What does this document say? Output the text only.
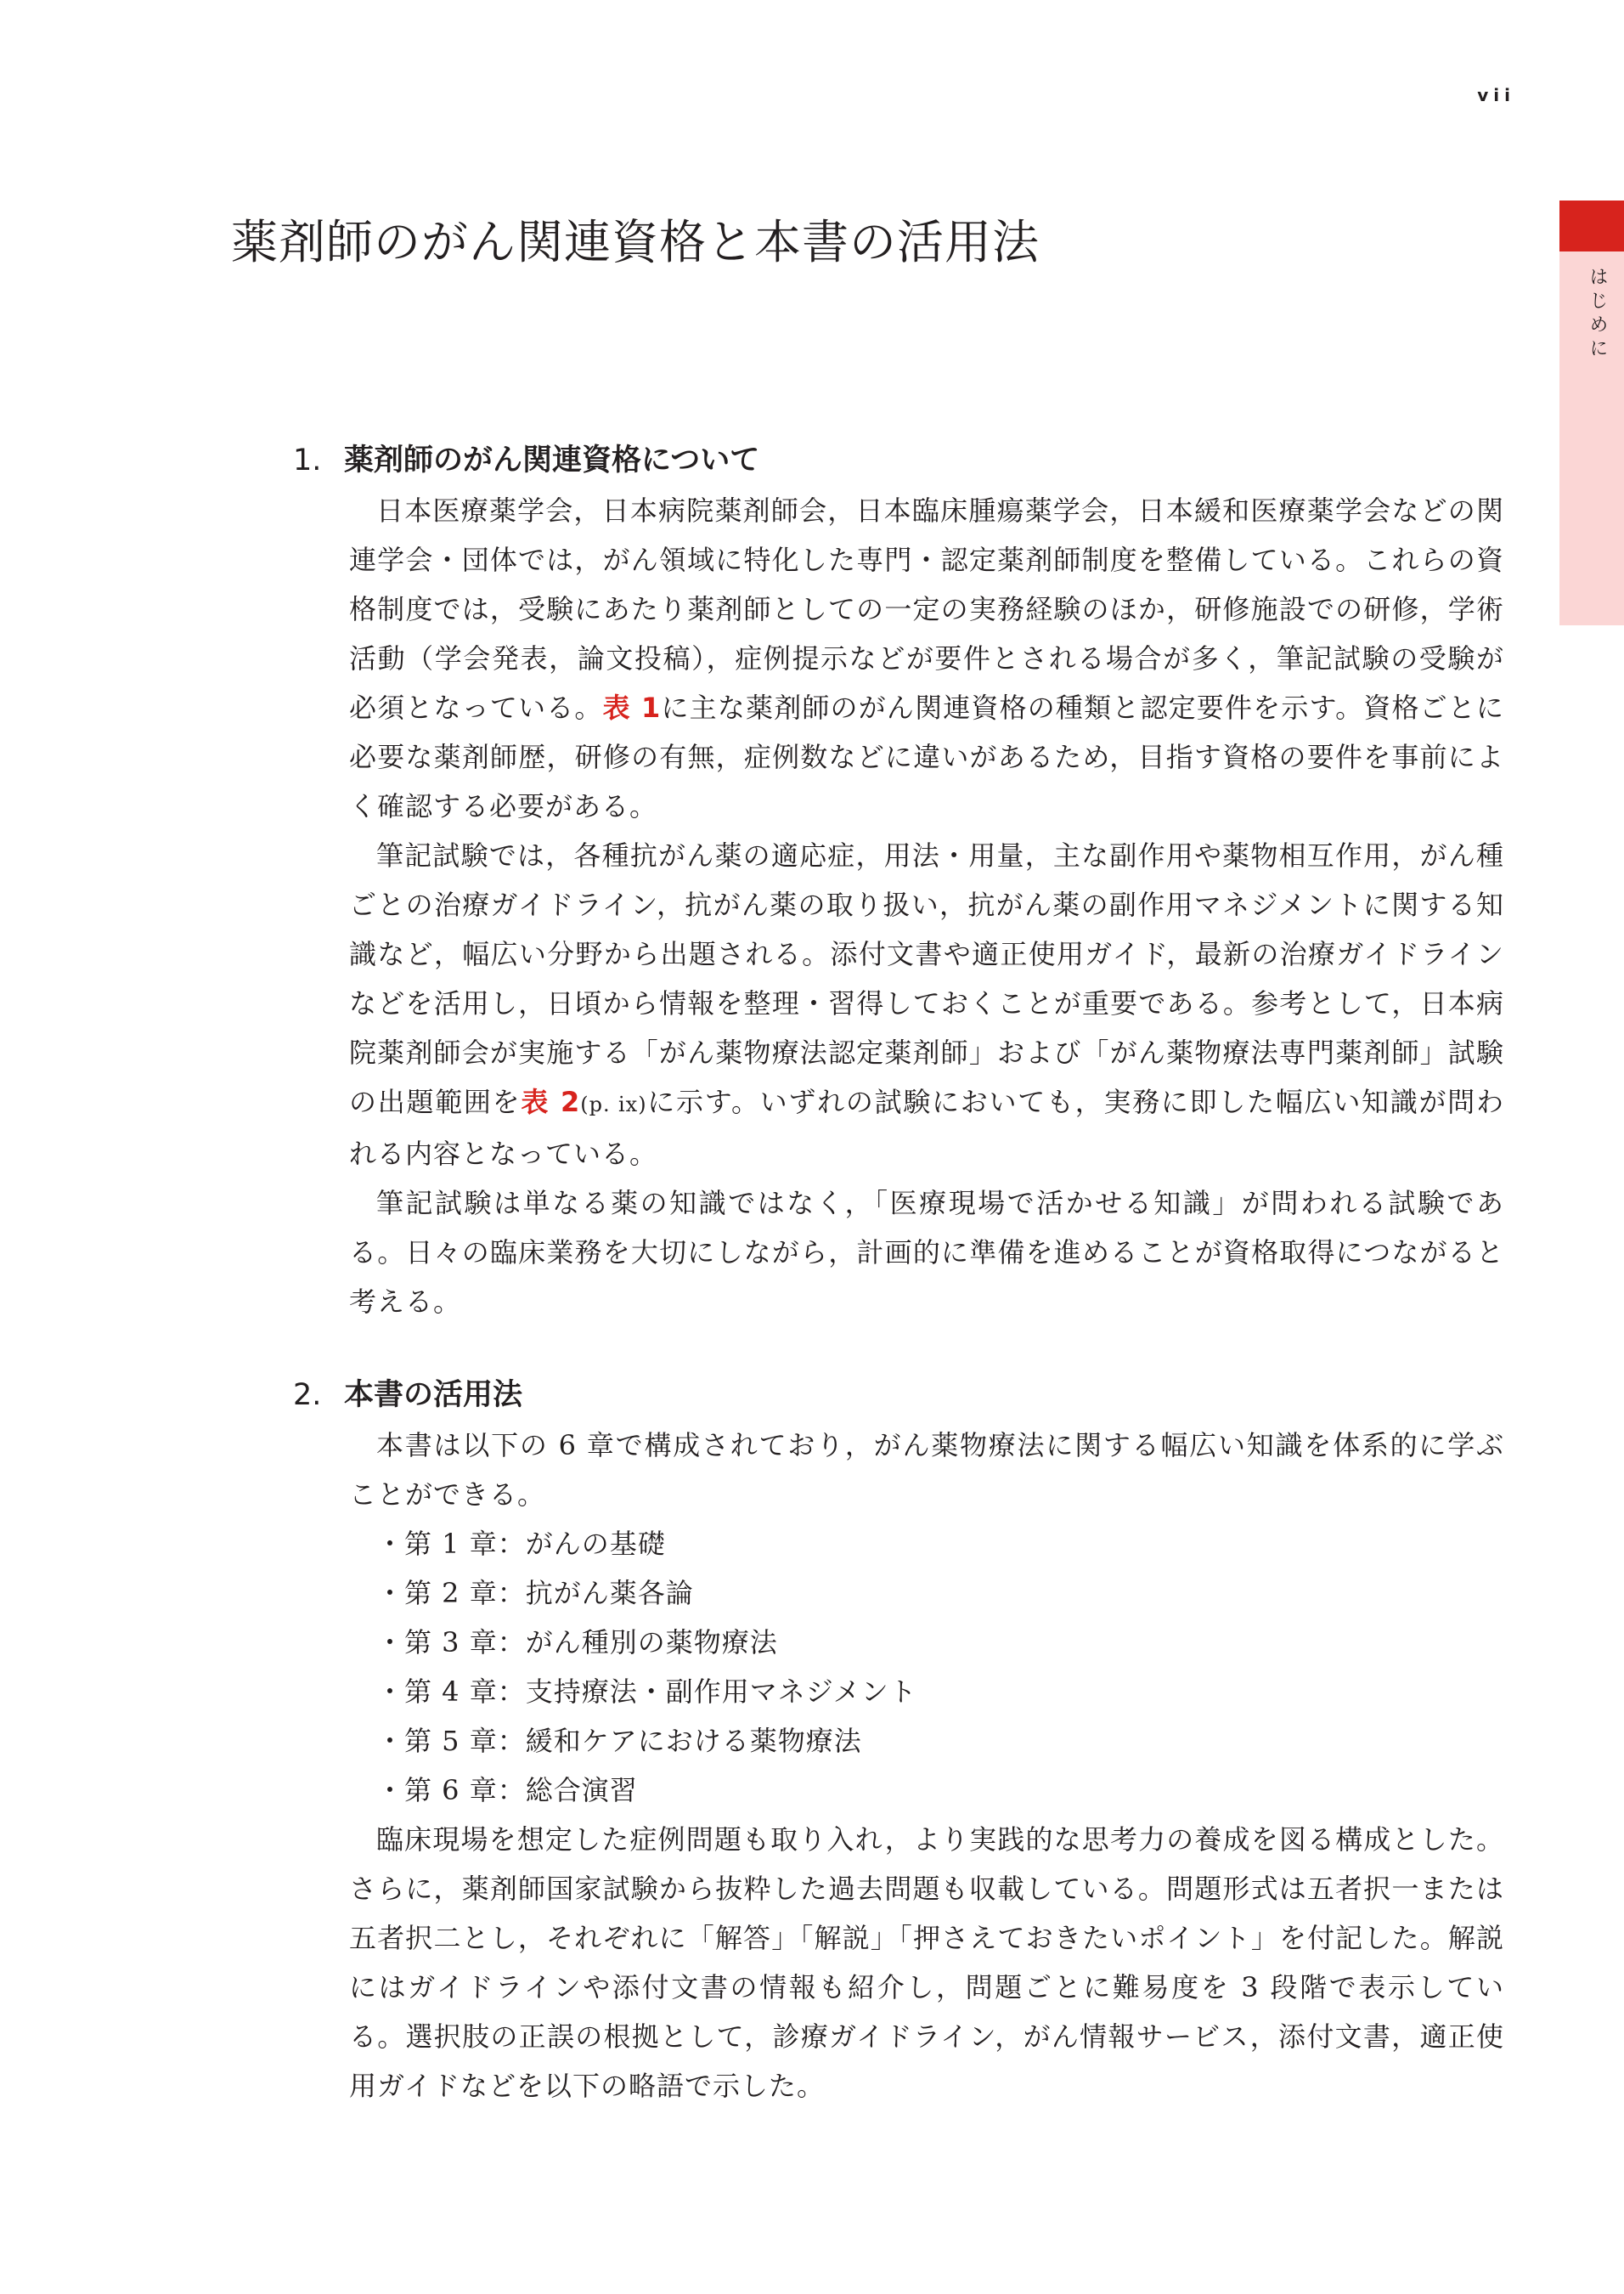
vii
はじめに
薬剤師のがん関連資格と本書の活用法
1. 薬剤師のがん関連資格について

日本医療薬学会，日本病院薬剤師会，日本臨床腫瘍薬学会，日本緩和医療薬学会などの関連学会・団体では，がん領域に特化した専門・認定薬剤師制度を整備している。これらの資格制度では，受験にあたり薬剤師としての一定の実務経験のほか，研修施設での研修，学術活動（学会発表，論文投稿），症例提示などが要件とされる場合が多く，筆記試験の受験が必須となっている。表 1に主な薬剤師のがん関連資格の種類と認定要件を示す。資格ごとに必要な薬剤師歴，研修の有無，症例数などに違いがあるため，目指す資格の要件を事前によく確認する必要がある。

筆記試験では，各種抗がん薬の適応症，用法・用量，主な副作用や薬物相互作用，がん種ごとの治療ガイドライン，抗がん薬の取り扱い，抗がん薬の副作用マネジメントに関する知識など，幅広い分野から出題される。添付文書や適正使用ガイド，最新の治療ガイドラインなどを活用し，日頃から情報を整理・習得しておくことが重要である。参考として，日本病院薬剤師会が実施する「がん薬物療法認定薬剤師」および「がん薬物療法専門薬剤師」試験の出題範囲を表 2(p. ix)に示す。いずれの試験においても，実務に即した幅広い知識が問われる内容となっている。

筆記試験は単なる薬の知識ではなく，「医療現場で活かせる知識」が問われる試験である。日々の臨床業務を大切にしながら，計画的に準備を進めることが資格取得につながると考える。

2. 本書の活用法

本書は以下の 6 章で構成されており，がん薬物療法に関する幅広い知識を体系的に学ぶことができる。

・第 1 章：がんの基礎
・第 2 章：抗がん薬各論
・第 3 章：がん種別の薬物療法
・第 4 章：支持療法・副作用マネジメント
・第 5 章：緩和ケアにおける薬物療法
・第 6 章：総合演習

臨床現場を想定した症例問題も取り入れ，より実践的な思考力の養成を図る構成とした。さらに，薬剤師国家試験から抜粋した過去問題も収載している。問題形式は五者択一または五者択二とし，それぞれに「解答」「解説」「押さえておきたいポイント」を付記した。解説にはガイドラインや添付文書の情報も紹介し，問題ごとに難易度を 3 段階で表示している。選択肢の正誤の根拠として，診療ガイドライン，がん情報サービス，添付文書，適正使用ガイドなどを以下の略語で示した。
